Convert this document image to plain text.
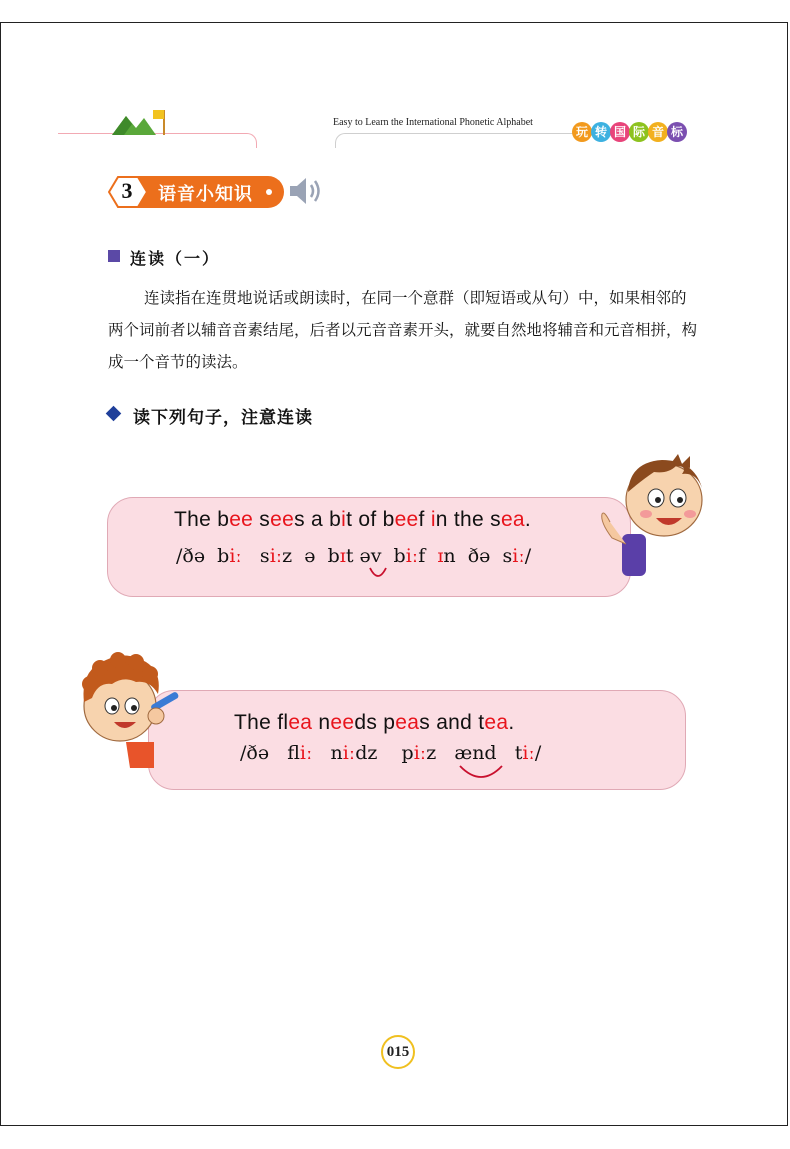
Easy to Learn the International Phonetic Alphabet
玩 转 国 际 音 标
3 语音小知识
连读（一）
连读指在连贯地说话或朗读时，在同一个意群（即短语或从句）中，如果相邻的两个词前者以辅音音素结尾，后者以元音音素开头，就要自然地将辅音和元音相拼，构成一个音节的读法。
读下列句子，注意连读
The bee sees a bit of beef in the sea.
/ðə  biː   siːz  ə  bɪt əv  biːf  ɪn  ðə  siː/
The flea needs peas and tea.
/ðə   fliː   niːdz    piːz   ænd   tiː/
015
